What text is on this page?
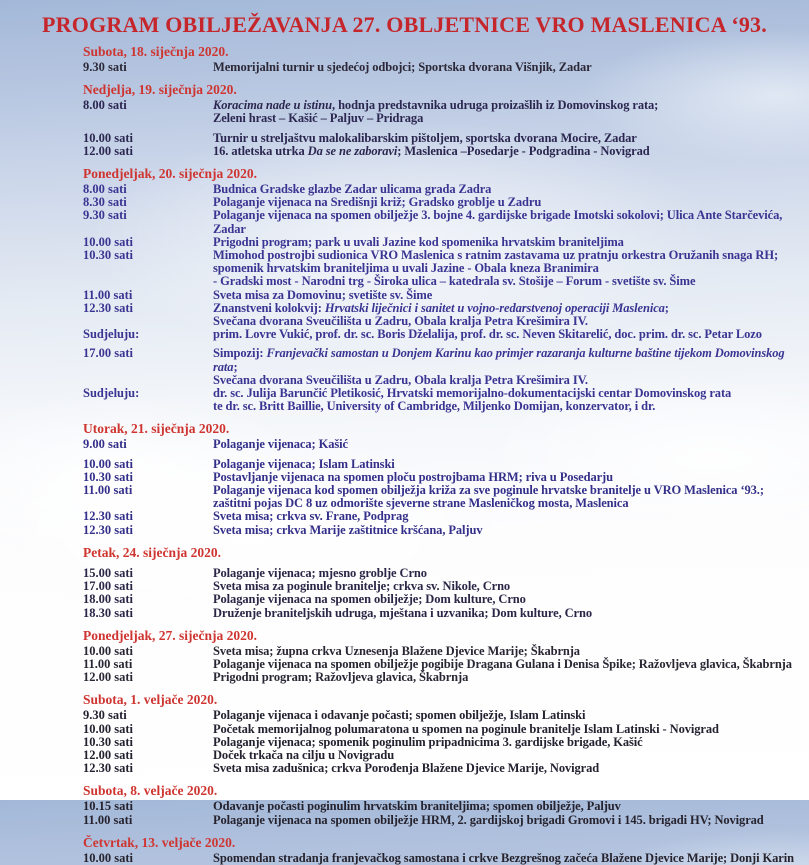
PROGRAM OBILJEŽAVANJA 27. OBLJETNICE VRO MASLENICA ‘93.
Subota, 18. siječnja 2020.
9.30 sati	Memorijalni turnir u sjedećoj odbojci; Sportska dvorana Višnjik, Zadar
Nedjelja, 19. siječnja 2020.
8.00 sati	Koracima nade u istinu, hodnja predstavnika udruga proizašlih iz Domovinskog rata;
Zeleni hrast – Kašić – Paljuv – Pridraga
10.00 sati	Turnir u streljaštvu malokalibarskim pištoljem, sportska dvorana Mocire, Zadar
12.00 sati	16. atletska utrka Da se ne zaboravi; Maslenica –Posedarje - Podgradina - Novigrad
Ponedjeljak, 20. siječnja 2020.
8.00 sati	Budnica Gradske glazbe Zadar ulicama grada Zadra
8.30 sati	Polaganje vijenaca na Središnji križ; Gradsko groblje u Zadru
9.30 sati	Polaganje vijenaca na spomen obilježje 3. bojne 4. gardijske brigade Imotski sokolovi; Ulica Ante Starčevića, Zadar
10.00 sati	Prigodni program; park u uvali Jazine kod spomenika hrvatskim braniteljima
10.30 sati	Mimohod postrojbi sudionica VRO Maslenica s ratnim zastavama uz pratnju orkestra Oružanih snaga RH;
spomenik hrvatskim braniteljima u uvali Jazine - Obala kneza Branimira
- Gradski most - Narodni trg - Široka ulica – katedrala sv. Stošije – Forum - svetište sv. Šime
11.00 sati	Sveta misa za Domovinu; svetište sv. Šime
12.30 sati	Znanstveni kolokvij: Hrvatski liječnici i sanitet u vojno-redarstvenoj operaciji Maslenica;
Svečana dvorana Sveučilišta u Zadru, Obala kralja Petra Krešimira IV.
Sudjeluju:	prim. Lovre Vukić, prof. dr. sc. Boris Dželalija, prof. dr. sc. Neven Skitarelić, doc. prim. dr. sc. Petar Lozo
17.00 sati	Simpozij: Franjevački samostan u Donjem Karinu kao primjer razaranja kulturne baštine tijekom Domovinskog rata;
Svečana dvorana Sveučilišta u Zadru, Obala kralja Petra Krešimira IV.
Sudjeluju:	dr. sc. Julija Barunčić Pletikosić, Hrvatski memorijalno-dokumentacijski centar Domovinskog rata
te dr. sc. Britt Baillie, University of Cambridge, Miljenko Domijan, konzervator, i dr.
Utorak, 21. siječnja 2020.
9.00 sati	Polaganje vijenaca; Kašić
10.00 sati	Polaganje vijenaca; Islam Latinski
10.30 sati	Postavljanje vijenaca na spomen ploču postrojbama HRM; riva u Posedarju
11.00 sati	Polaganje vijenaca kod spomen obilježja križa za sve poginule hrvatske branitelje u VRO Maslenica ‘93.;
zaštitni pojas DC 8 uz odmorište sjeverne strane Masleničkog mosta, Maslenica
12.30 sati	Sveta misa; crkva sv. Frane, Podprag
12.30 sati	Sveta misa; crkva Marije zaštitnice kršćana, Paljuv
Petak, 24. siječnja 2020.
15.00 sati	Polaganje vijenaca; mjesno groblje Crno
17.00 sati	Sveta misa za poginule branitelje; crkva sv. Nikole, Crno
18.00 sati	Polaganje vijenaca na spomen obilježje; Dom kulture, Crno
18.30 sati	Druženje braniteljskih udruga, mještana i uzvanika; Dom kulture, Crno
Ponedjeljak, 27. siječnja 2020.
10.00 sati	Sveta misa; župna crkva Uznesenja Blažene Djevice Marije; Škabrnja
11.00 sati	Polaganje vijenaca na spomen obilježje pogibije Dragana Gulana i Denisa Špike; Ražovljeva glavica, Škabrnja
12.00 sati	Prigodni program; Ražovljeva glavica, Škabrnja
Subota, 1. veljače 2020.
9.30 sati	Polaganje vijenaca i odavanje počasti; spomen obilježje, Islam Latinski
10.00 sati	Početak memorijalnog polumaratona u spomen na poginule branitelje Islam Latinski - Novigrad
10.30 sati	Polaganje vijenaca; spomenik poginulim pripadnicima 3. gardijske brigade, Kašić
12.00 sati	Doček trkača na cilju u Novigradu
12.30 sati	Sveta misa zadušnica; crkva Porođenja Blažene Djevice Marije, Novigrad
Subota, 8. veljače 2020.
10.15 sati	Odavanje počasti poginulim hrvatskim braniteljima; spomen obilježje, Paljuv
11.00 sati	Polaganje vijenaca na spomen obilježje HRM, 2. gardijskoj brigadi Gromovi i 145. brigadi HV; Novigrad
Četvrtak, 13. veljače 2020.
10.00 sati	Spomendan stradanja franjevačkog samostana i crkve Bezgrešnog začeća Blažene Djevice Marije; Donji Karin
